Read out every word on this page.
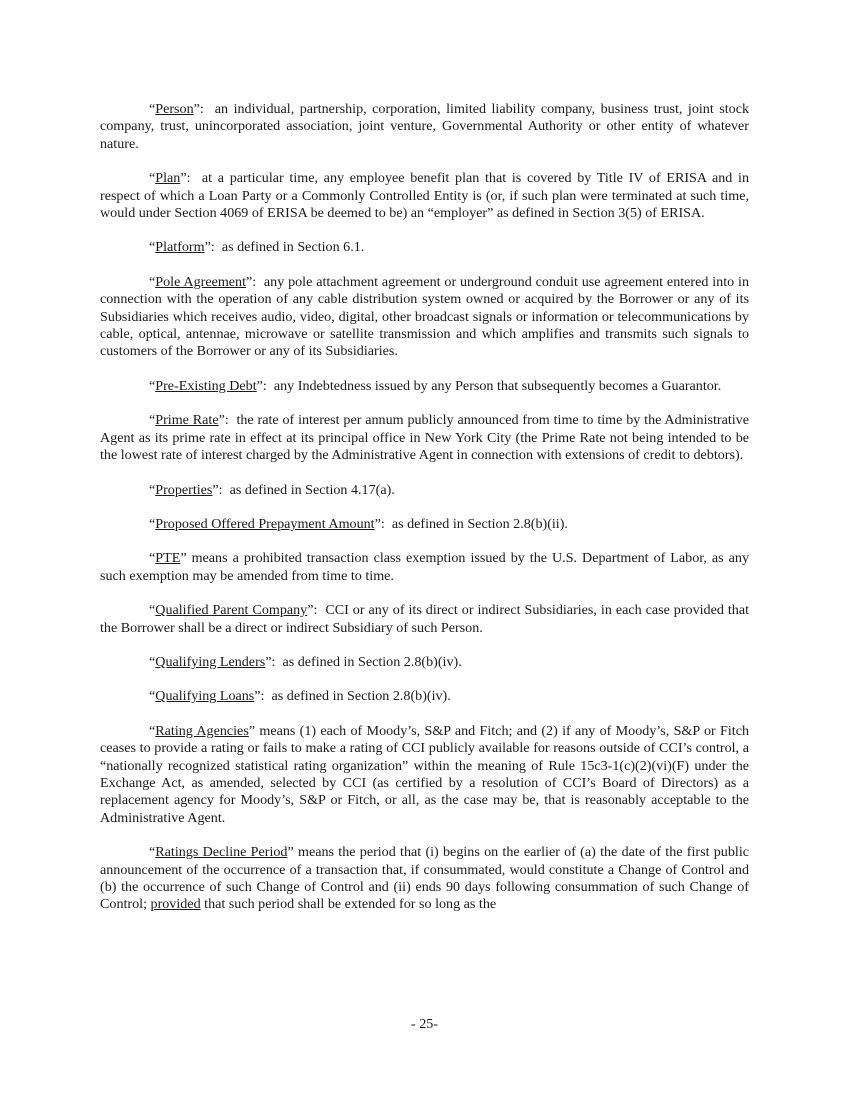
“Person”:  an individual, partnership, corporation, limited liability company, business trust, joint stock company, trust, unincorporated association, joint venture, Governmental Authority or other entity of whatever nature.

“Plan”:  at a particular time, any employee benefit plan that is covered by Title IV of ERISA and in respect of which a Loan Party or a Commonly Controlled Entity is (or, if such plan were terminated at such time, would under Section 4069 of ERISA be deemed to be) an “employer” as defined in Section 3(5) of ERISA.

“Platform”:  as defined in Section 6.1.

“Pole Agreement”:  any pole attachment agreement or underground conduit use agreement entered into in connection with the operation of any cable distribution system owned or acquired by the Borrower or any of its Subsidiaries which receives audio, video, digital, other broadcast signals or information or telecommunications by cable, optical, antennae, microwave or satellite transmission and which amplifies and transmits such signals to customers of the Borrower or any of its Subsidiaries.

“Pre-Existing Debt”:  any Indebtedness issued by any Person that subsequently becomes a Guarantor.

“Prime Rate”:  the rate of interest per annum publicly announced from time to time by the Administrative Agent as its prime rate in effect at its principal office in New York City (the Prime Rate not being intended to be the lowest rate of interest charged by the Administrative Agent in connection with extensions of credit to debtors).

“Properties”:  as defined in Section 4.17(a).

“Proposed Offered Prepayment Amount”:  as defined in Section 2.8(b)(ii).

“PTE” means a prohibited transaction class exemption issued by the U.S. Department of Labor, as any such exemption may be amended from time to time.

“Qualified Parent Company”:  CCI or any of its direct or indirect Subsidiaries, in each case provided that the Borrower shall be a direct or indirect Subsidiary of such Person.

“Qualifying Lenders”:  as defined in Section 2.8(b)(iv).

“Qualifying Loans”:  as defined in Section 2.8(b)(iv).

“Rating Agencies” means (1) each of Moody’s, S&P and Fitch; and (2) if any of Moody’s, S&P or Fitch ceases to provide a rating or fails to make a rating of CCI publicly available for reasons outside of CCI’s control, a “nationally recognized statistical rating organization” within the meaning of Rule 15c3-1(c)(2)(vi)(F) under the Exchange Act, as amended, selected by CCI (as certified by a resolution of CCI’s Board of Directors) as a replacement agency for Moody’s, S&P or Fitch, or all, as the case may be, that is reasonably acceptable to the Administrative Agent.

“Ratings Decline Period” means the period that (i) begins on the earlier of (a) the date of the first public announcement of the occurrence of a transaction that, if consummated, would constitute a Change of Control and (b) the occurrence of such Change of Control and (ii) ends 90 days following consummation of such Change of Control; provided that such period shall be extended for so long as the

- 25-
